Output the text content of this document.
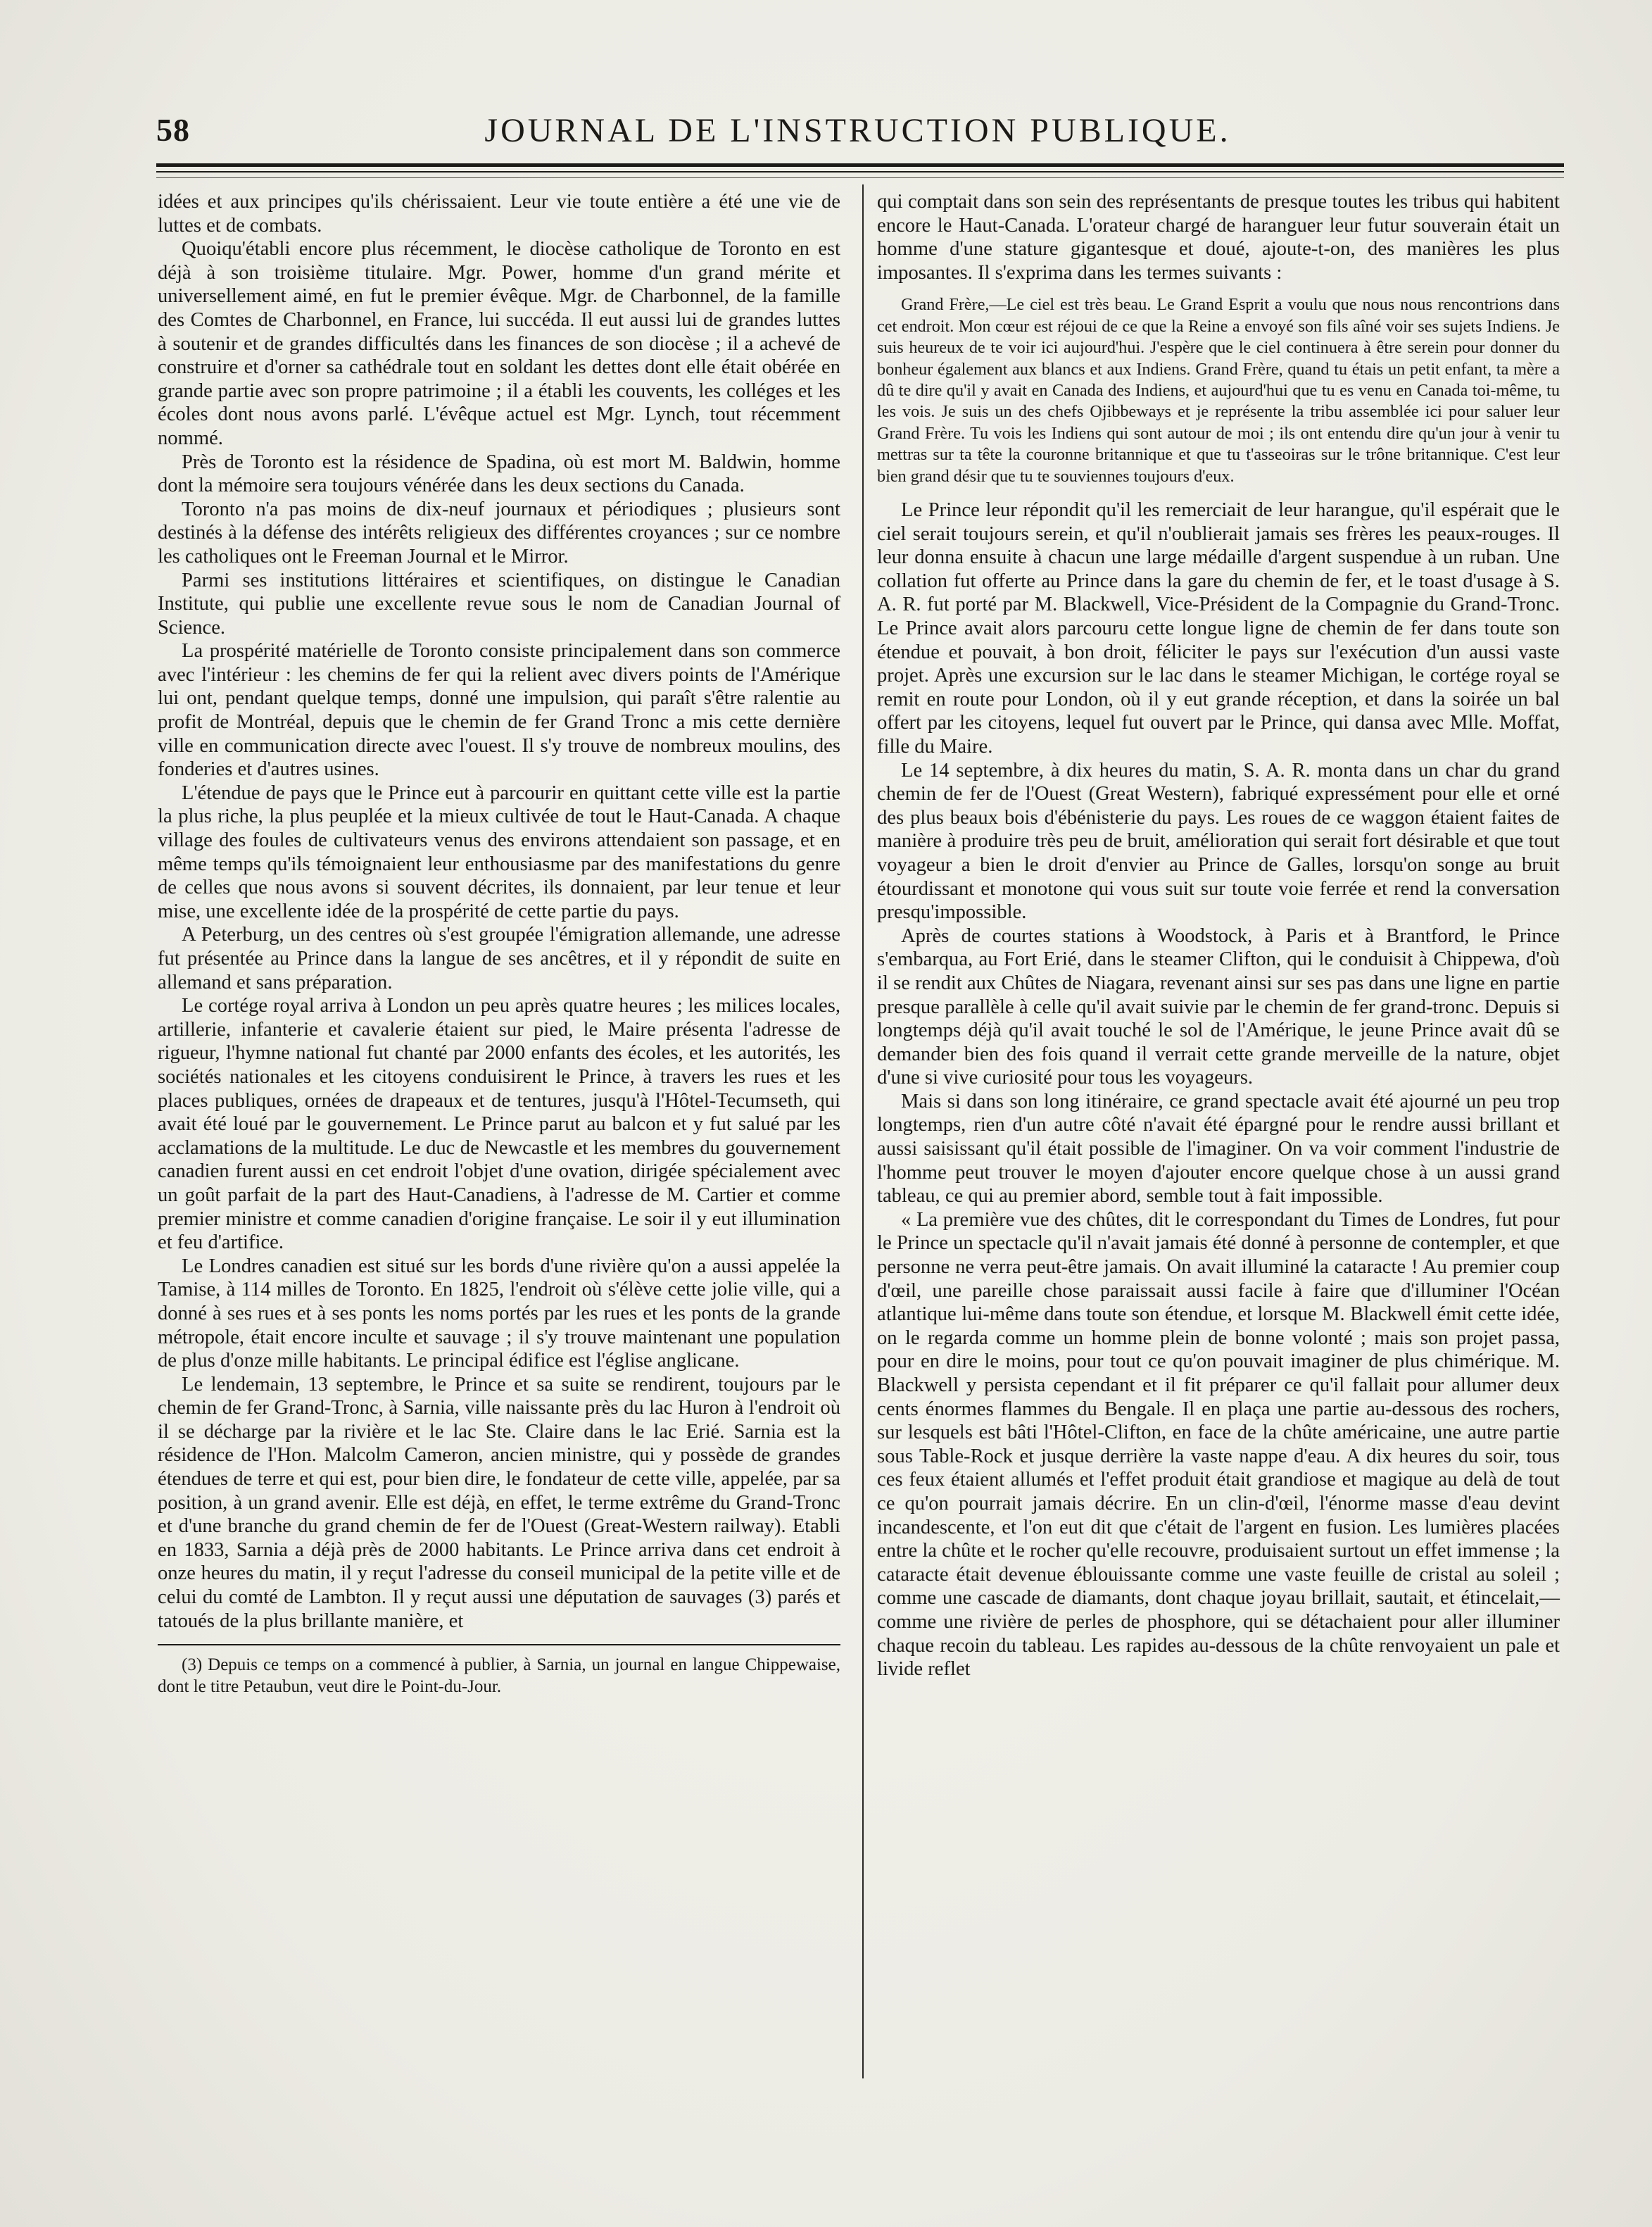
58	JOURNAL DE L'INSTRUCTION PUBLIQUE.

idées et aux principes qu'ils chérissaient. Leur vie toute entière a été une vie de luttes et de combats.

Quoiqu'établi encore plus récemment, le diocèse catholique de Toronto en est déjà à son troisième titulaire. Mgr. Power, homme d'un grand mérite et universellement aimé, en fut le premier évêque. Mgr. de Charbonnel, de la famille des Comtes de Charbonnel, en France, lui succéda. Il eut aussi lui de grandes luttes à soutenir et de grandes difficultés dans les finances de son diocèse ; il a achevé de construire et d'orner sa cathédrale tout en soldant les dettes dont elle était obérée en grande partie avec son propre patrimoine ; il a établi les couvents, les colléges et les écoles dont nous avons parlé. L'évêque actuel est Mgr. Lynch, tout récemment nommé.

Près de Toronto est la résidence de Spadina, où est mort M. Baldwin, homme dont la mémoire sera toujours vénérée dans les deux sections du Canada.

Toronto n'a pas moins de dix-neuf journaux et périodiques ; plusieurs sont destinés à la défense des intérêts religieux des différentes croyances ; sur ce nombre les catholiques ont le Freeman Journal et le Mirror.

Parmi ses institutions littéraires et scientifiques, on distingue le Canadian Institute, qui publie une excellente revue sous le nom de Canadian Journal of Science.

La prospérité matérielle de Toronto consiste principalement dans son commerce avec l'intérieur : les chemins de fer qui la relient avec divers points de l'Amérique lui ont, pendant quelque temps, donné une impulsion, qui paraît s'être ralentie au profit de Montréal, depuis que le chemin de fer Grand Tronc a mis cette dernière ville en communication directe avec l'ouest. Il s'y trouve de nombreux moulins, des fonderies et d'autres usines.

L'étendue de pays que le Prince eut à parcourir en quittant cette ville est la partie la plus riche, la plus peuplée et la mieux cultivée de tout le Haut-Canada. A chaque village des foules de cultivateurs venus des environs attendaient son passage, et en même temps qu'ils témoignaient leur enthousiasme par des manifestations du genre de celles que nous avons si souvent décrites, ils donnaient, par leur tenue et leur mise, une excellente idée de la prospérité de cette partie du pays.

A Peterburg, un des centres où s'est groupée l'émigration allemande, une adresse fut présentée au Prince dans la langue de ses ancêtres, et il y répondit de suite en allemand et sans préparation.

Le cortége royal arriva à London un peu après quatre heures ; les milices locales, artillerie, infanterie et cavalerie étaient sur pied, le Maire présenta l'adresse de rigueur, l'hymne national fut chanté par 2000 enfants des écoles, et les autorités, les sociétés nationales et les citoyens conduisirent le Prince, à travers les rues et les places publiques, ornées de drapeaux et de tentures, jusqu'à l'Hôtel-Tecumseth, qui avait été loué par le gouvernement. Le Prince parut au balcon et y fut salué par les acclamations de la multitude. Le duc de Newcastle et les membres du gouvernement canadien furent aussi en cet endroit l'objet d'une ovation, dirigée spécialement avec un goût parfait de la part des Haut-Canadiens, à l'adresse de M. Cartier et comme premier ministre et comme canadien d'origine française. Le soir il y eut illumination et feu d'artifice.

Le Londres canadien est situé sur les bords d'une rivière qu'on a aussi appelée la Tamise, à 114 milles de Toronto. En 1825, l'endroit où s'élève cette jolie ville, qui a donné à ses rues et à ses ponts les noms portés par les rues et les ponts de la grande métropole, était encore inculte et sauvage ; il s'y trouve maintenant une population de plus d'onze mille habitants. Le principal édifice est l'église anglicane.

Le lendemain, 13 septembre, le Prince et sa suite se rendirent, toujours par le chemin de fer Grand-Tronc, à Sarnia, ville naissante près du lac Huron à l'endroit où il se décharge par la rivière et le lac Ste. Claire dans le lac Erié. Sarnia est la résidence de l'Hon. Malcolm Cameron, ancien ministre, qui y possède de grandes étendues de terre et qui est, pour bien dire, le fondateur de cette ville, appelée, par sa position, à un grand avenir. Elle est déjà, en effet, le terme extrême du Grand-Tronc et d'une branche du grand chemin de fer de l'Ouest (Great-Western railway). Etabli en 1833, Sarnia a déjà près de 2000 habitants. Le Prince arriva dans cet endroit à onze heures du matin, il y reçut l'adresse du conseil municipal de la petite ville et de celui du comté de Lambton. Il y reçut aussi une députation de sauvages (3) parés et tatoués de la plus brillante manière, et

(3) Depuis ce temps on a commencé à publier, à Sarnia, un journal en langue Chippewaise, dont le titre Petaubun, veut dire le Point-du-Jour.

qui comptait dans son sein des représentants de presque toutes les tribus qui habitent encore le Haut-Canada. L'orateur chargé de haranguer leur futur souverain était un homme d'une stature gigantesque et doué, ajoute-t-on, des manières les plus imposantes. Il s'exprima dans les termes suivants :

Grand Frère,—Le ciel est très beau. Le Grand Esprit a voulu que nous nous rencontrions dans cet endroit. Mon cœur est réjoui de ce que la Reine a envoyé son fils aîné voir ses sujets Indiens. Je suis heureux de te voir ici aujourd'hui. J'espère que le ciel continuera à être serein pour donner du bonheur également aux blancs et aux Indiens. Grand Frère, quand tu étais un petit enfant, ta mère a dû te dire qu'il y avait en Canada des Indiens, et aujourd'hui que tu es venu en Canada toi-même, tu les vois. Je suis un des chefs Ojibbeways et je représente la tribu assemblée ici pour saluer leur Grand Frère. Tu vois les Indiens qui sont autour de moi ; ils ont entendu dire qu'un jour à venir tu mettras sur ta tête la couronne britannique et que tu t'asseoiras sur le trône britannique. C'est leur bien grand désir que tu te souviennes toujours d'eux.

Le Prince leur répondit qu'il les remerciait de leur harangue, qu'il espérait que le ciel serait toujours serein, et qu'il n'oublierait jamais ses frères les peaux-rouges. Il leur donna ensuite à chacun une large médaille d'argent suspendue à un ruban. Une collation fut offerte au Prince dans la gare du chemin de fer, et le toast d'usage à S. A. R. fut porté par M. Blackwell, Vice-Président de la Compagnie du Grand-Tronc. Le Prince avait alors parcouru cette longue ligne de chemin de fer dans toute son étendue et pouvait, à bon droit, féliciter le pays sur l'exécution d'un aussi vaste projet. Après une excursion sur le lac dans le steamer Michigan, le cortége royal se remit en route pour London, où il y eut grande réception, et dans la soirée un bal offert par les citoyens, lequel fut ouvert par le Prince, qui dansa avec Mlle. Moffat, fille du Maire.

Le 14 septembre, à dix heures du matin, S. A. R. monta dans un char du grand chemin de fer de l'Ouest (Great Western), fabriqué expressément pour elle et orné des plus beaux bois d'ébénisterie du pays. Les roues de ce waggon étaient faites de manière à produire très peu de bruit, amélioration qui serait fort désirable et que tout voyageur a bien le droit d'envier au Prince de Galles, lorsqu'on songe au bruit étourdissant et monotone qui vous suit sur toute voie ferrée et rend la conversation presqu'impossible.

Après de courtes stations à Woodstock, à Paris et à Brantford, le Prince s'embarqua, au Fort Erié, dans le steamer Clifton, qui le conduisit à Chippewa, d'où il se rendit aux Chûtes de Niagara, revenant ainsi sur ses pas dans une ligne en partie presque parallèle à celle qu'il avait suivie par le chemin de fer grand-tronc. Depuis si longtemps déjà qu'il avait touché le sol de l'Amérique, le jeune Prince avait dû se demander bien des fois quand il verrait cette grande merveille de la nature, objet d'une si vive curiosité pour tous les voyageurs.

Mais si dans son long itinéraire, ce grand spectacle avait été ajourné un peu trop longtemps, rien d'un autre côté n'avait été épargné pour le rendre aussi brillant et aussi saisissant qu'il était possible de l'imaginer. On va voir comment l'industrie de l'homme peut trouver le moyen d'ajouter encore quelque chose à un aussi grand tableau, ce qui au premier abord, semble tout à fait impossible.

« La première vue des chûtes, dit le correspondant du Times de Londres, fut pour le Prince un spectacle qu'il n'avait jamais été donné à personne de contempler, et que personne ne verra peut-être jamais. On avait illuminé la cataracte ! Au premier coup d'œil, une pareille chose paraissait aussi facile à faire que d'illuminer l'Océan atlantique lui-même dans toute son étendue, et lorsque M. Blackwell émit cette idée, on le regarda comme un homme plein de bonne volonté ; mais son projet passa, pour en dire le moins, pour tout ce qu'on pouvait imaginer de plus chimérique. M. Blackwell y persista cependant et il fit préparer ce qu'il fallait pour allumer deux cents énormes flammes du Bengale. Il en plaça une partie au-dessous des rochers, sur lesquels est bâti l'Hôtel-Clifton, en face de la chûte américaine, une autre partie sous Table-Rock et jusque derrière la vaste nappe d'eau. A dix heures du soir, tous ces feux étaient allumés et l'effet produit était grandiose et magique au delà de tout ce qu'on pourrait jamais décrire. En un clin-d'œil, l'énorme masse d'eau devint incandescente, et l'on eut dit que c'était de l'argent en fusion. Les lumières placées entre la chûte et le rocher qu'elle recouvre, produisaient surtout un effet immense ; la cataracte était devenue éblouissante comme une vaste feuille de cristal au soleil ; comme une cascade de diamants, dont chaque joyau brillait, sautait, et étincelait,—comme une rivière de perles de phosphore, qui se détachaient pour aller illuminer chaque recoin du tableau. Les rapides au-dessous de la chûte renvoyaient un pale et livide reflet
